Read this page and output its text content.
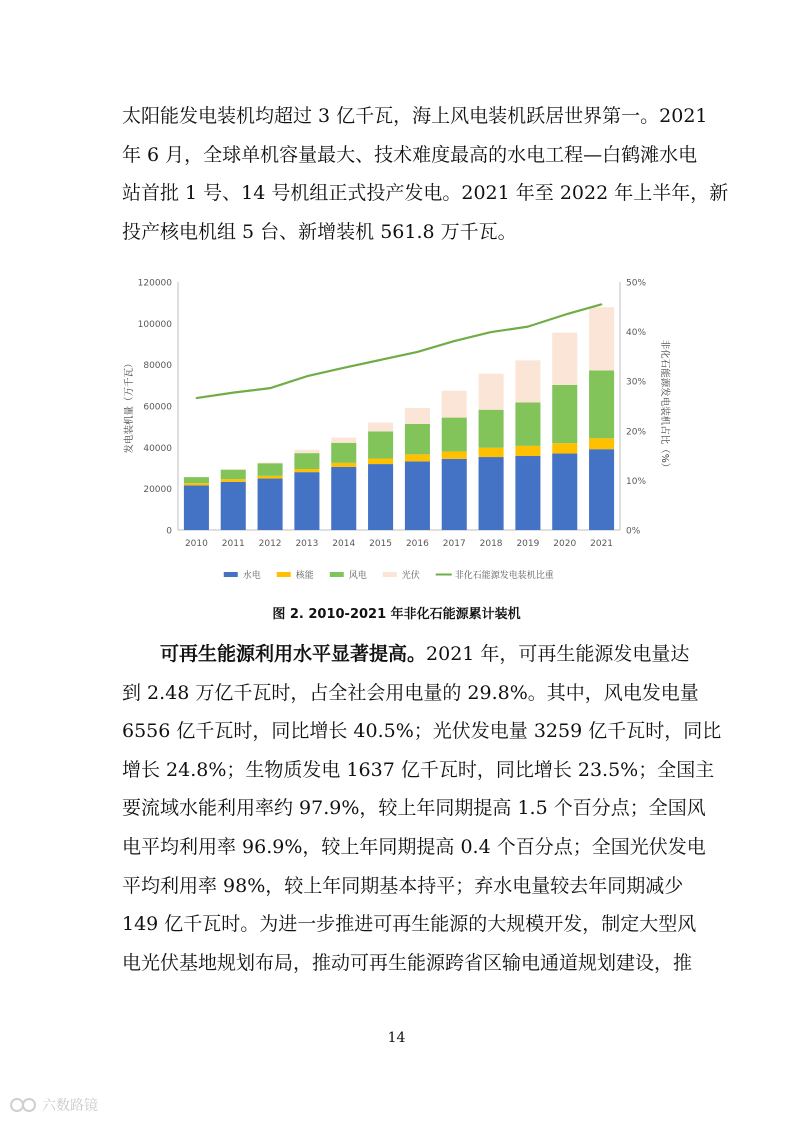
太阳能发电装机均超过 3 亿千瓦，海上风电装机跃居世界第一。2021
年 6 月，全球单机容量最大、技术难度最高的水电工程—白鹤滩水电
站首批 1 号、14 号机组正式投产发电。2021 年至 2022 年上半年，新
投产核电机组 5 台、新增装机 561.8 万千瓦。
0
20000
40000
60000
80000
100000
120000
0%
10%
20%
30%
40%
50%
发电装机量（万千瓦）	非化石能源发电装机占比（%）
2010 2011 2012 2013 2014 2015 2016 2017 2018 2019 2020 2021
水电	核能	风电	光伏	非化石能源发电装机比重
图 2. 2010-2021 年非化石能源累计装机
可再生能源利用水平显著提高。2021 年，可再生能源发电量达
到 2.48 万亿千瓦时，占全社会用电量的 29.8%。其中，风电发电量
6556 亿千瓦时，同比增长 40.5%；光伏发电量 3259 亿千瓦时，同比
增长 24.8%；生物质发电 1637 亿千瓦时，同比增长 23.5%；全国主
要流域水能利用率约 97.9%，较上年同期提高 1.5 个百分点；全国风
电平均利用率 96.9%，较上年同期提高 0.4 个百分点；全国光伏发电
平均利用率 98%，较上年同期基本持平；弃水电量较去年同期减少
149 亿千瓦时。为进一步推进可再生能源的大规模开发，制定大型风
电光伏基地规划布局，推动可再生能源跨省区输电通道规划建设，推
14
六数路镜
